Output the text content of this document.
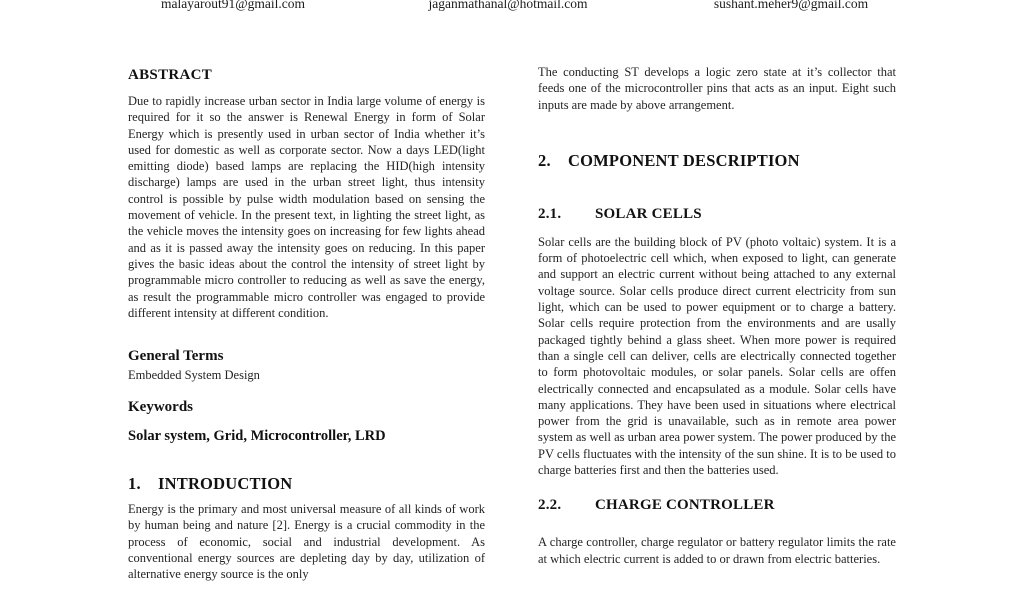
malayarout91@gmail.com	jaganmathanal@hotmail.com	sushant.meher9@gmail.com
ABSTRACT

Due to rapidly increase urban sector in India large volume of energy is required for it so the answer is Renewal Energy in form of Solar Energy which is presently used in urban sector of India whether it’s used for domestic as well as corporate sector. Now a days LED(light emitting diode) based lamps are replacing the HID(high intensity discharge) lamps are used in the urban street light, thus intensity control is possible by pulse width modulation based on sensing the movement of vehicle. In the present text, in lighting the street light, as the vehicle moves the intensity goes on increasing for few lights ahead and as it is passed away the intensity goes on reducing. In this paper gives the basic ideas about the control the intensity of street light by programmable micro controller to reducing as well as save the energy, as result the programmable micro controller was engaged to provide different intensity at different condition.

General Terms

Embedded System Design

Keywords

Solar system, Grid, Microcontroller, LRD

1. INTRODUCTION

Energy is the primary and most universal measure of all kinds of work by human being and nature [2]. Energy is a crucial commodity in the process of economic, social and industrial development. As conventional energy sources are depleting day by day, utilization of alternative energy source is the only

The conducting ST develops a logic zero state at it’s collector that feeds one of the microcontroller pins that acts as an input. Eight such inputs are made by above arrangement.

2. COMPONENT DESCRIPTION
2.1. SOLAR CELLS

Solar cells are the building block of PV (photo voltaic) system. It is a form of photoelectric cell which, when exposed to light, can generate and support an electric current without being attached to any external voltage source. Solar cells produce direct current electricity from sun light, which can be used to power equipment or to charge a battery. Solar cells require protection from the environments and are usally packaged tightly behind a glass sheet. When more power is required than a single cell can deliver, cells are electrically connected together to form photovoltaic modules, or solar panels. Solar cells are offen electrically connected and encapsulated as a module. Solar cells have many applications. They have been used in situations where electrical power from the grid is unavailable, such as in remote area power system as well as urban area power system. The power produced by the PV cells fluctuates with the intensity of the sun shine. It is to be used to charge batteries first and then the batteries used.

2.2. CHARGE CONTROLLER

A charge controller, charge regulator or battery regulator limits the rate at which electric current is added to or drawn from electric batteries.
